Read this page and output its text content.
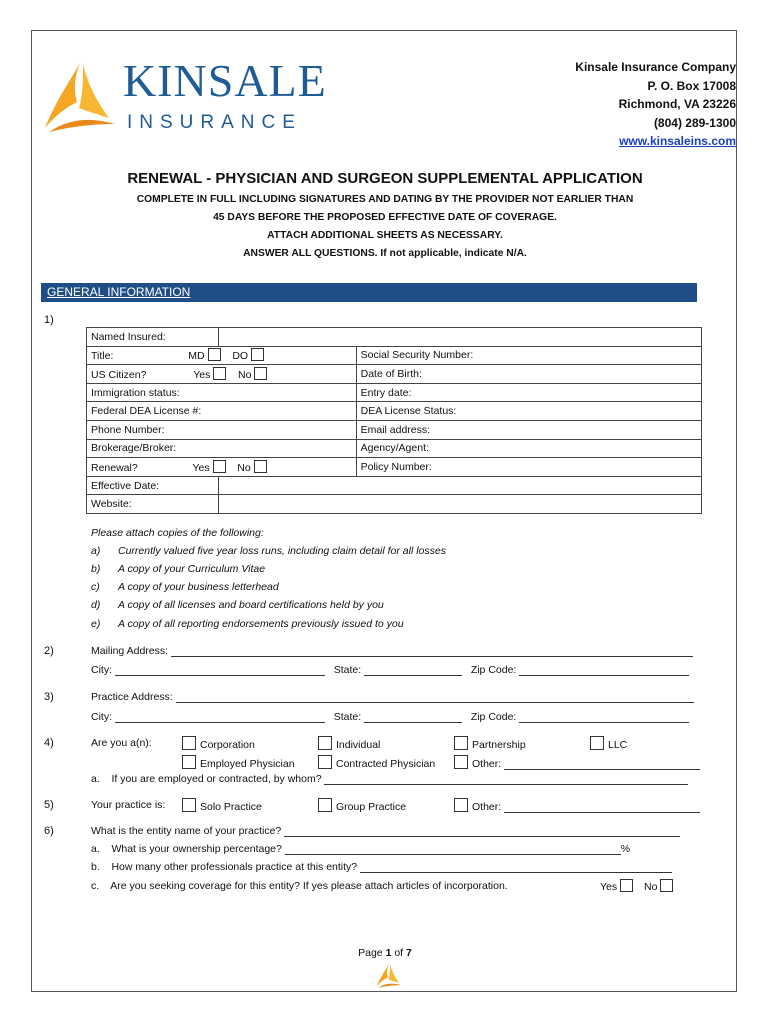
KINSALE
INSURANCE
Kinsale Insurance Company
P. O. Box 17008
Richmond, VA 23226
(804) 289-1300
www.kinsaleins.com
RENEWAL - PHYSICIAN AND SURGEON SUPPLEMENTAL APPLICATION
COMPLETE IN FULL INCLUDING SIGNATURES AND DATING BY THE PROVIDER NOT EARLIER THAN
45 DAYS BEFORE THE PROPOSED EFFECTIVE DATE OF COVERAGE.
ATTACH ADDITIONAL SHEETS AS NECESSARY.
ANSWER ALL QUESTIONS. If not applicable, indicate N/A.
GENERAL INFORMATION
1)
Named Insured:		
Title: MD DO		Social Security Number:
US Citizen? Yes No		Date of Birth:
Immigration status:		Entry date:
Federal DEA License #:		DEA License Status:
Phone Number:		Email address:
Brokerage/Broker:		Agency/Agent:
Renewal? Yes No		Policy Number:
Effective Date:		
Website:		
Please attach copies of the following:
a) Currently valued five year loss runs, including claim detail for all losses
b) A copy of your Curriculum Vitae
c) A copy of your business letterhead
d) A copy of all licenses and board certifications held by you
e) A copy of all reporting endorsements previously issued to you
2)	Mailing Address:
City:	State:	Zip Code:
3)	Practice Address:
City:	State:	Zip Code:
4)	Are you a(n):	Corporation	Individual	Partnership	LLC
Employed Physician	Contracted Physician	Other:
a. If you are employed or contracted, by whom?
5)	Your practice is:	Solo Practice	Group Practice	Other:
6)	What is the entity name of your practice?
a. What is your ownership percentage?	%
b. How many other professionals practice at this entity?
c. Are you seeking coverage for this entity? If yes please attach articles of incorporation.	Yes	No
Page 1 of 7
